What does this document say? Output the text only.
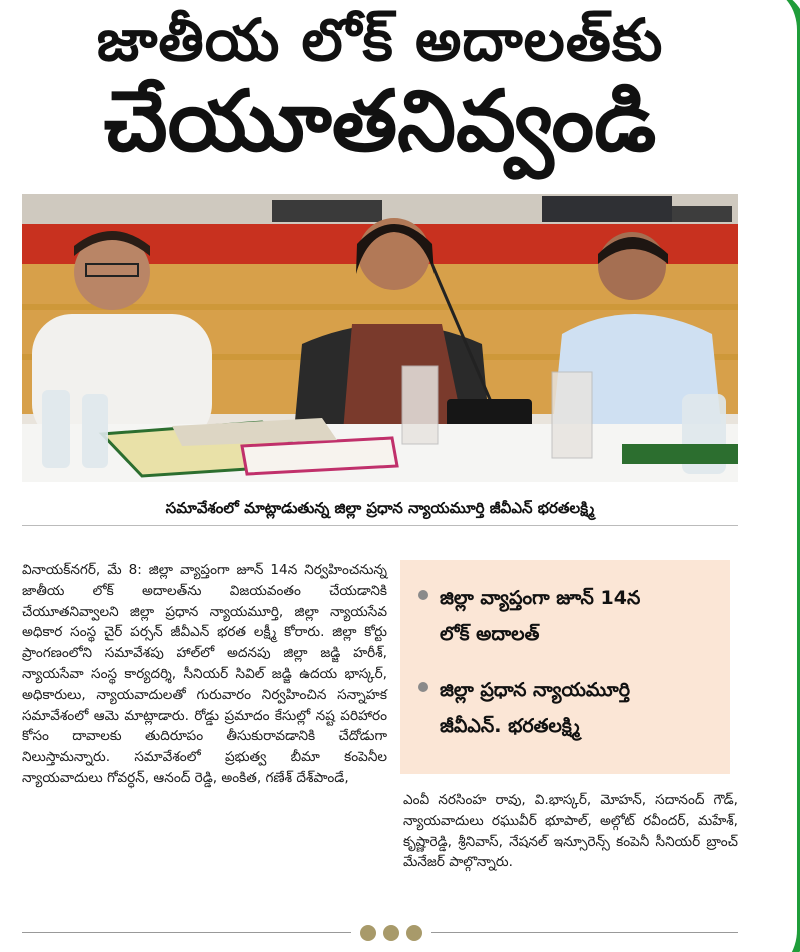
జాతీయ లోక్ అదాలత్‌కు
చేయూతనివ్వండి
సమావేశంలో మాట్లాడుతున్న జిల్లా ప్రధాన న్యాయమూర్తి జీవీఎన్ భరతలక్ష్మి

వినాయక్‌నగర్, మే 8: జిల్లా వ్యాప్తంగా జూన్ 14న నిర్వహించనున్న జాతీయ లోక్ అదాలత్‌ను విజయవంతం చేయడానికి చేయూతనివ్వాలని జిల్లా ప్రధాన న్యాయమూర్తి, జిల్లా న్యాయసేవ అధికార సంస్థ చైర్ పర్సన్ జీవీఎన్ భరత లక్ష్మీ కోరారు. జిల్లా కోర్టు ప్రాంగణంలోని సమావేశపు హాల్‌లో అదనపు జిల్లా జడ్జి హరీశ్, న్యాయసేవా సంస్థ కార్యదర్శి, సీనియర్ సివిల్ జడ్జి ఉదయ భాస్కర్, అధికారులు, న్యాయవాదులతో గురువారం నిర్వహించిన సన్నాహక సమావేశంలో ఆమె మాట్లాడారు. రోడ్డు ప్రమాదం కేసుల్లో నష్ట పరిహారం కోసం దావాలకు తుదిరూపం తీసుకురావడానికి చేదోడుగా నిలుస్తామన్నారు. సమావేశంలో ప్రభుత్వ బీమా కంపెనీల న్యాయవాదులు గోవర్ధన్, ఆనంద్ రెడ్డి, అంకిత, గణేశ్ దేశ్‌పాండే,

జిల్లా వ్యాప్తంగా జూన్ 14న
లోక్ అదాలత్
జిల్లా ప్రధాన న్యాయమూర్తి
జీవీఎన్. భరతలక్ష్మి
ఎంవీ నరసింహ రావు, వి.భాస్కర్, మోహన్, సదానంద్ గౌడ్, న్యాయవాదులు రఘువీర్ భూపాల్, అల్గోట్ రవీందర్, మహేశ్, కృష్ణారెడ్డి, శ్రీనివాస్, నేషనల్ ఇన్సూరెన్స్ కంపెనీ సీనియర్ బ్రాంచ్ మేనేజర్ పాల్గొన్నారు.
